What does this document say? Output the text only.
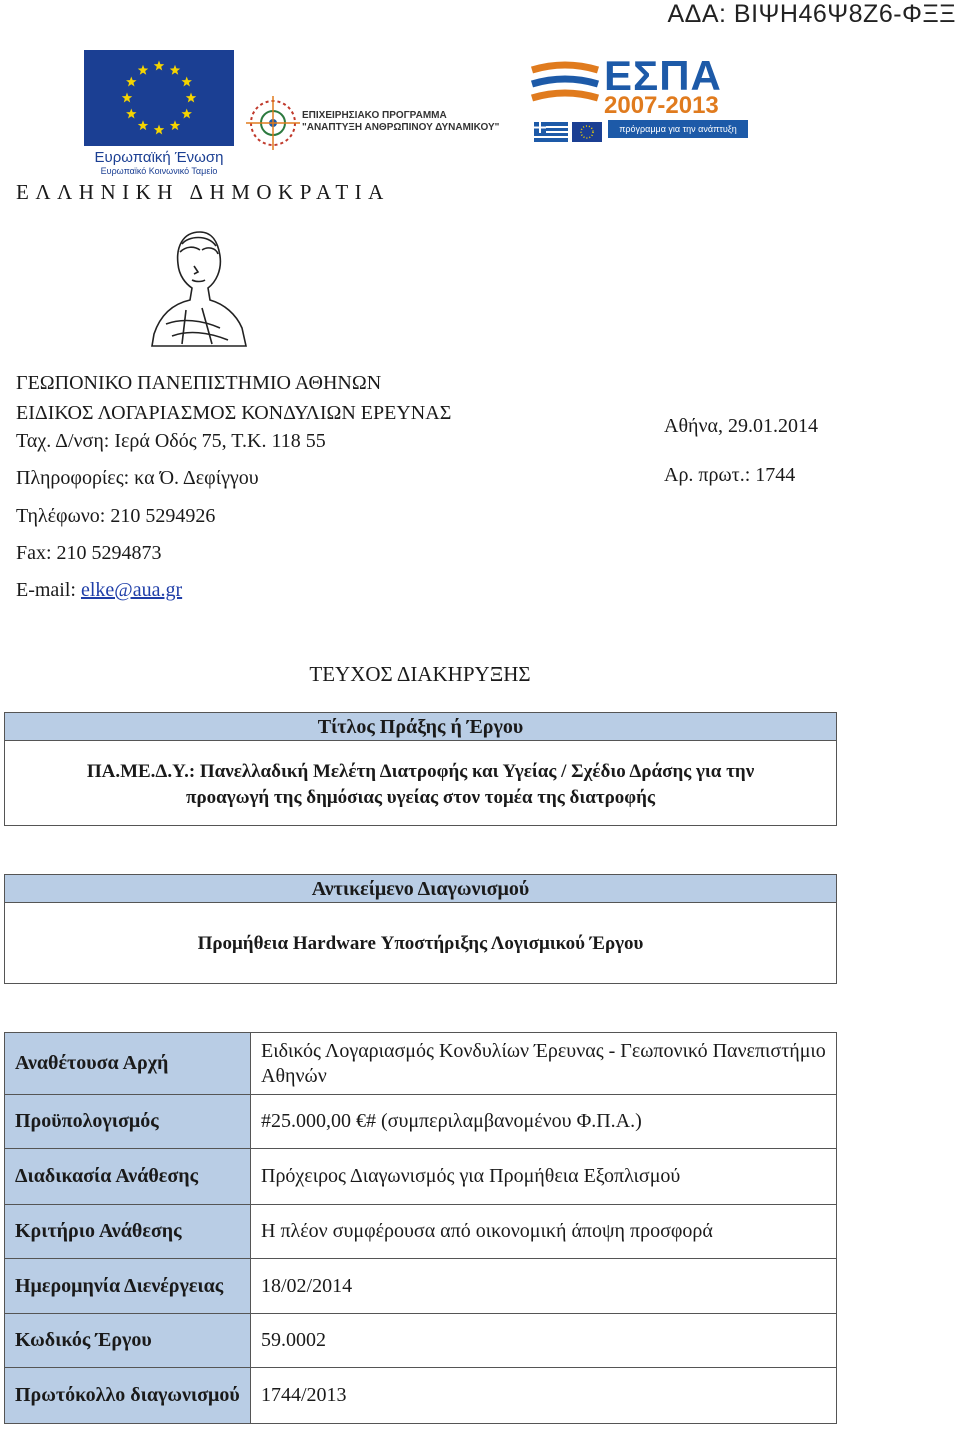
ΑΔΑ: ΒΙΨΗ46Ψ8Ζ6-ΦΞΞ
Ευρωπαϊκή Ένωση
Ευρωπαϊκό Κοινωνικό Ταμείο
ΕΠΙΧΕΙΡΗΣΙΑΚΟ ΠΡΟΓΡΑΜΜΑ
"ΑΝΑΠΤΥΞΗ ΑΝΘΡΩΠΙΝΟΥ ΔΥΝΑΜΙΚΟΥ"
ΕΣΠΑ
2007-2013
πρόγραμμα για την ανάπτυξη
ΕΛΛΗΝΙΚΗ ΔΗΜΟΚΡΑΤΙΑ
ΓΕΩΠΟΝΙΚΟ ΠΑΝΕΠΙΣΤΗΜΙΟ ΑΘΗΝΩΝ
ΕΙΔΙΚΟΣ ΛΟΓΑΡΙΑΣΜΟΣ ΚΟΝΔΥΛΙΩΝ ΕΡΕΥΝΑΣ
Ταχ. Δ/νση: Ιερά Οδός 75, Τ.Κ. 118 55
Πληροφορίες: κα Ό. Δεφίγγου
Τηλέφωνο: 210 5294926
Fax: 210 5294873
E-mail: elke@aua.gr
Αθήνα, 29.01.2014
Αρ. πρωτ.: 1744
ΤΕΥΧΟΣ ΔΙΑΚΗΡΥΞΗΣ
Τίτλος Πράξης ή Έργου
ΠΑ.ΜΕ.Δ.Υ.: Πανελλαδική Μελέτη Διατροφής και Υγείας / Σχέδιο Δράσης για την
προαγωγή της δημόσιας υγείας στον τομέα της διατροφής
Αντικείμενο Διαγωνισμού
Προμήθεια Hardware Υποστήριξης Λογισμικού Έργου
Αναθέτουσα Αρχή	Ειδικός Λογαριασμός Κονδυλίων Έρευνας - Γεωπονικό Πανεπιστήμιο Αθηνών
Προϋπολογισμός	#25.000,00 €# (συμπεριλαμβανομένου Φ.Π.Α.)
Διαδικασία Ανάθεσης	Πρόχειρος Διαγωνισμός για Προμήθεια Εξοπλισμού
Κριτήριο Ανάθεσης	Η πλέον συμφέρουσα από οικονομική άποψη προσφορά
Ημερομηνία Διενέργειας	18/02/2014
Κωδικός Έργου	59.0002
Πρωτόκολλο διαγωνισμού	1744/2013
